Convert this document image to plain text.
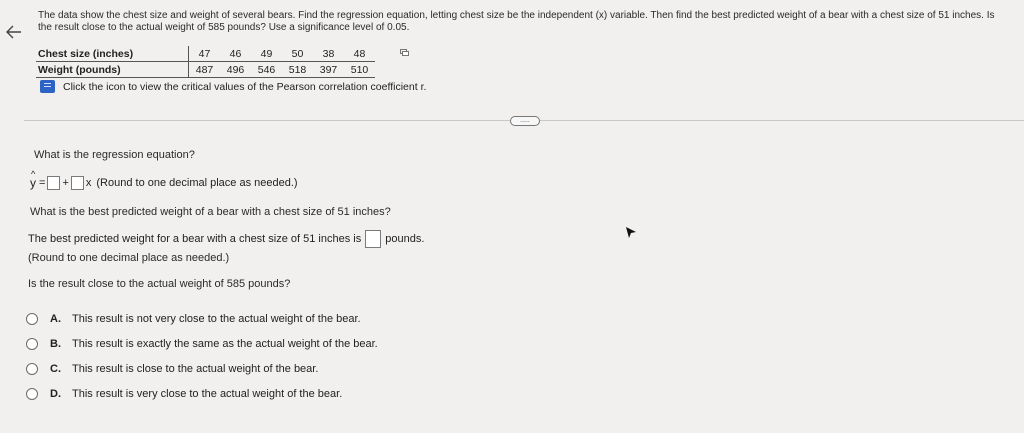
The data show the chest size and weight of several bears. Find the regression equation, letting chest size be the independent (x) variable. Then find the best predicted weight of a bear with a chest size of 51 inches. Is the result close to the actual weight of 585 pounds? Use a significance level of 0.05.
Chest size (inches)	47	46	49	50	38	48
Weight (pounds)	487	496	546	518	397	510
Click the icon to view the critical values of the Pearson correlation coefficient r.
.....
What is the regression equation?
^ y = + x (Round to one decimal place as needed.)
What is the best predicted weight of a bear with a chest size of 51 inches?
The best predicted weight for a bear with a chest size of 51 inches is pounds.
(Round to one decimal place as needed.)
Is the result close to the actual weight of 585 pounds?
A.	This result is not very close to the actual weight of the bear.
B.	This result is exactly the same as the actual weight of the bear.
C.	This result is close to the actual weight of the bear.
D.	This result is very close to the actual weight of the bear.
